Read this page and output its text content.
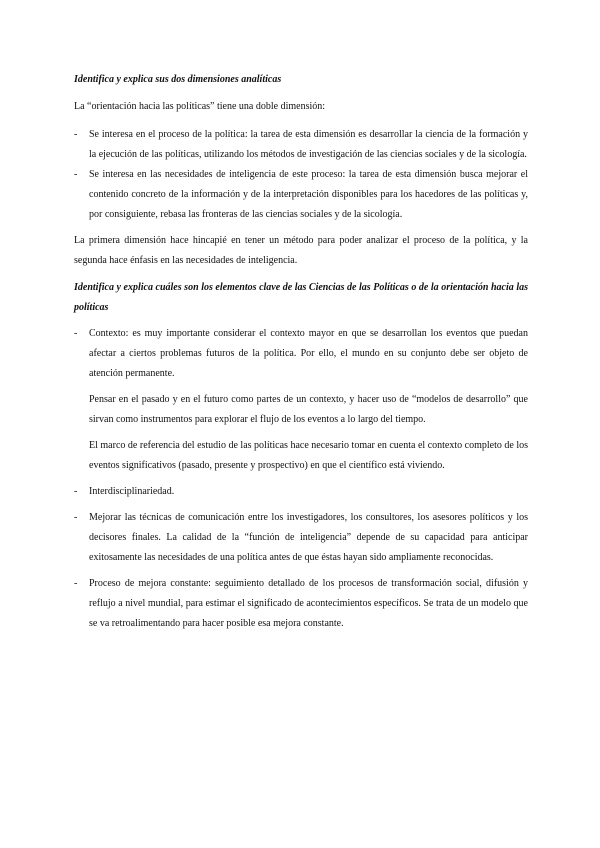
Identifica y explica sus dos dimensiones analíticas

La “orientación hacia las políticas” tiene una doble dimensión:

- Se interesa en el proceso de la política: la tarea de esta dimensión es desarrollar la ciencia de la formación y la ejecución de las políticas, utilizando los métodos de investigación de las ciencias sociales y de la sicología.
- Se interesa en las necesidades de inteligencia de este proceso: la tarea de esta dimensión busca mejorar el contenido concreto de la información y de la interpretación disponibles para los hacedores de las políticas y, por consiguiente, rebasa las fronteras de las ciencias sociales y de la sicología.

La primera dimensión hace hincapié en tener un método para poder analizar el proceso de la política, y la segunda hace énfasis en las necesidades de inteligencia.

Identifica y explica cuáles son los elementos clave de las Ciencias de las Políticas o de la orientación hacia las políticas

- Contexto: es muy importante considerar el contexto mayor en que se desarrollan los eventos que puedan afectar a ciertos problemas futuros de la política. Por ello, el mundo en su conjunto debe ser objeto de atención permanente.
Pensar en el pasado y en el futuro como partes de un contexto, y hacer uso de “modelos de desarrollo” que sirvan como instrumentos para explorar el flujo de los eventos a lo largo del tiempo.
El marco de referencia del estudio de las políticas hace necesario tomar en cuenta el contexto completo de los eventos significativos (pasado, presente y prospectivo) en que el científico está viviendo.
- Interdisciplinariedad.
- Mejorar las técnicas de comunicación entre los investigadores, los consultores, los asesores políticos y los decisores finales. La calidad de la “función de inteligencia” depende de su capacidad para anticipar exitosamente las necesidades de una política antes de que éstas hayan sido ampliamente reconocidas.
- Proceso de mejora constante: seguimiento detallado de los procesos de transformación social, difusión y reflujo a nivel mundial, para estimar el significado de acontecimientos específicos. Se trata de un modelo que se va retroalimentando para hacer posible esa mejora constante.
